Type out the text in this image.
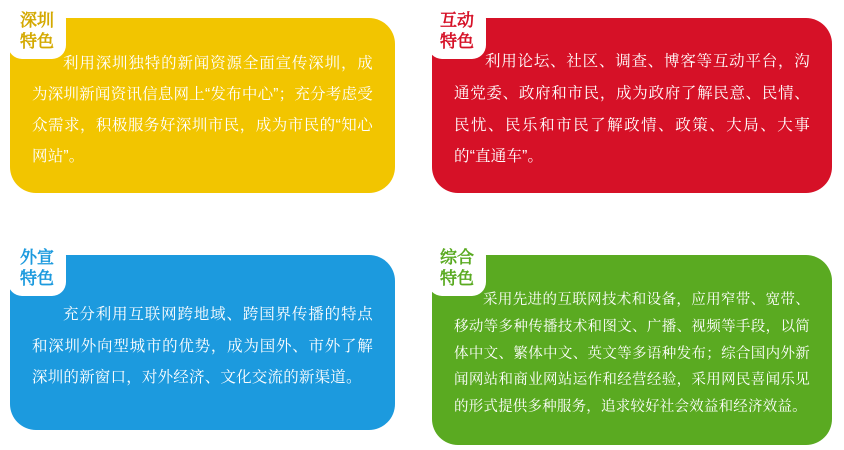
利用深圳独特的新闻资源全面宣传深圳，成为深圳新闻资讯信息网上“发布中心”；充分考虑受众需求，积极服务好深圳市民，成为市民的“知心网站”。

深圳
特色

利用论坛、社区、调查、博客等互动平台，沟通党委、政府和市民，成为政府了解民意、民情、民忧、民乐和市民了解政情、政策、大局、大事的“直通车”。

互动
特色

充分利用互联网跨地域、跨国界传播的特点和深圳外向型城市的优势，成为国外、市外了解深圳的新窗口，对外经济、文化交流的新渠道。

外宣
特色

采用先进的互联网技术和设备，应用窄带、宽带、移动等多种传播技术和图文、广播、视频等手段，以简体中文、繁体中文、英文等多语种发布；综合国内外新闻网站和商业网站运作和经营经验，采用网民喜闻乐见的形式提供多种服务，追求较好社会效益和经济效益。

综合
特色
